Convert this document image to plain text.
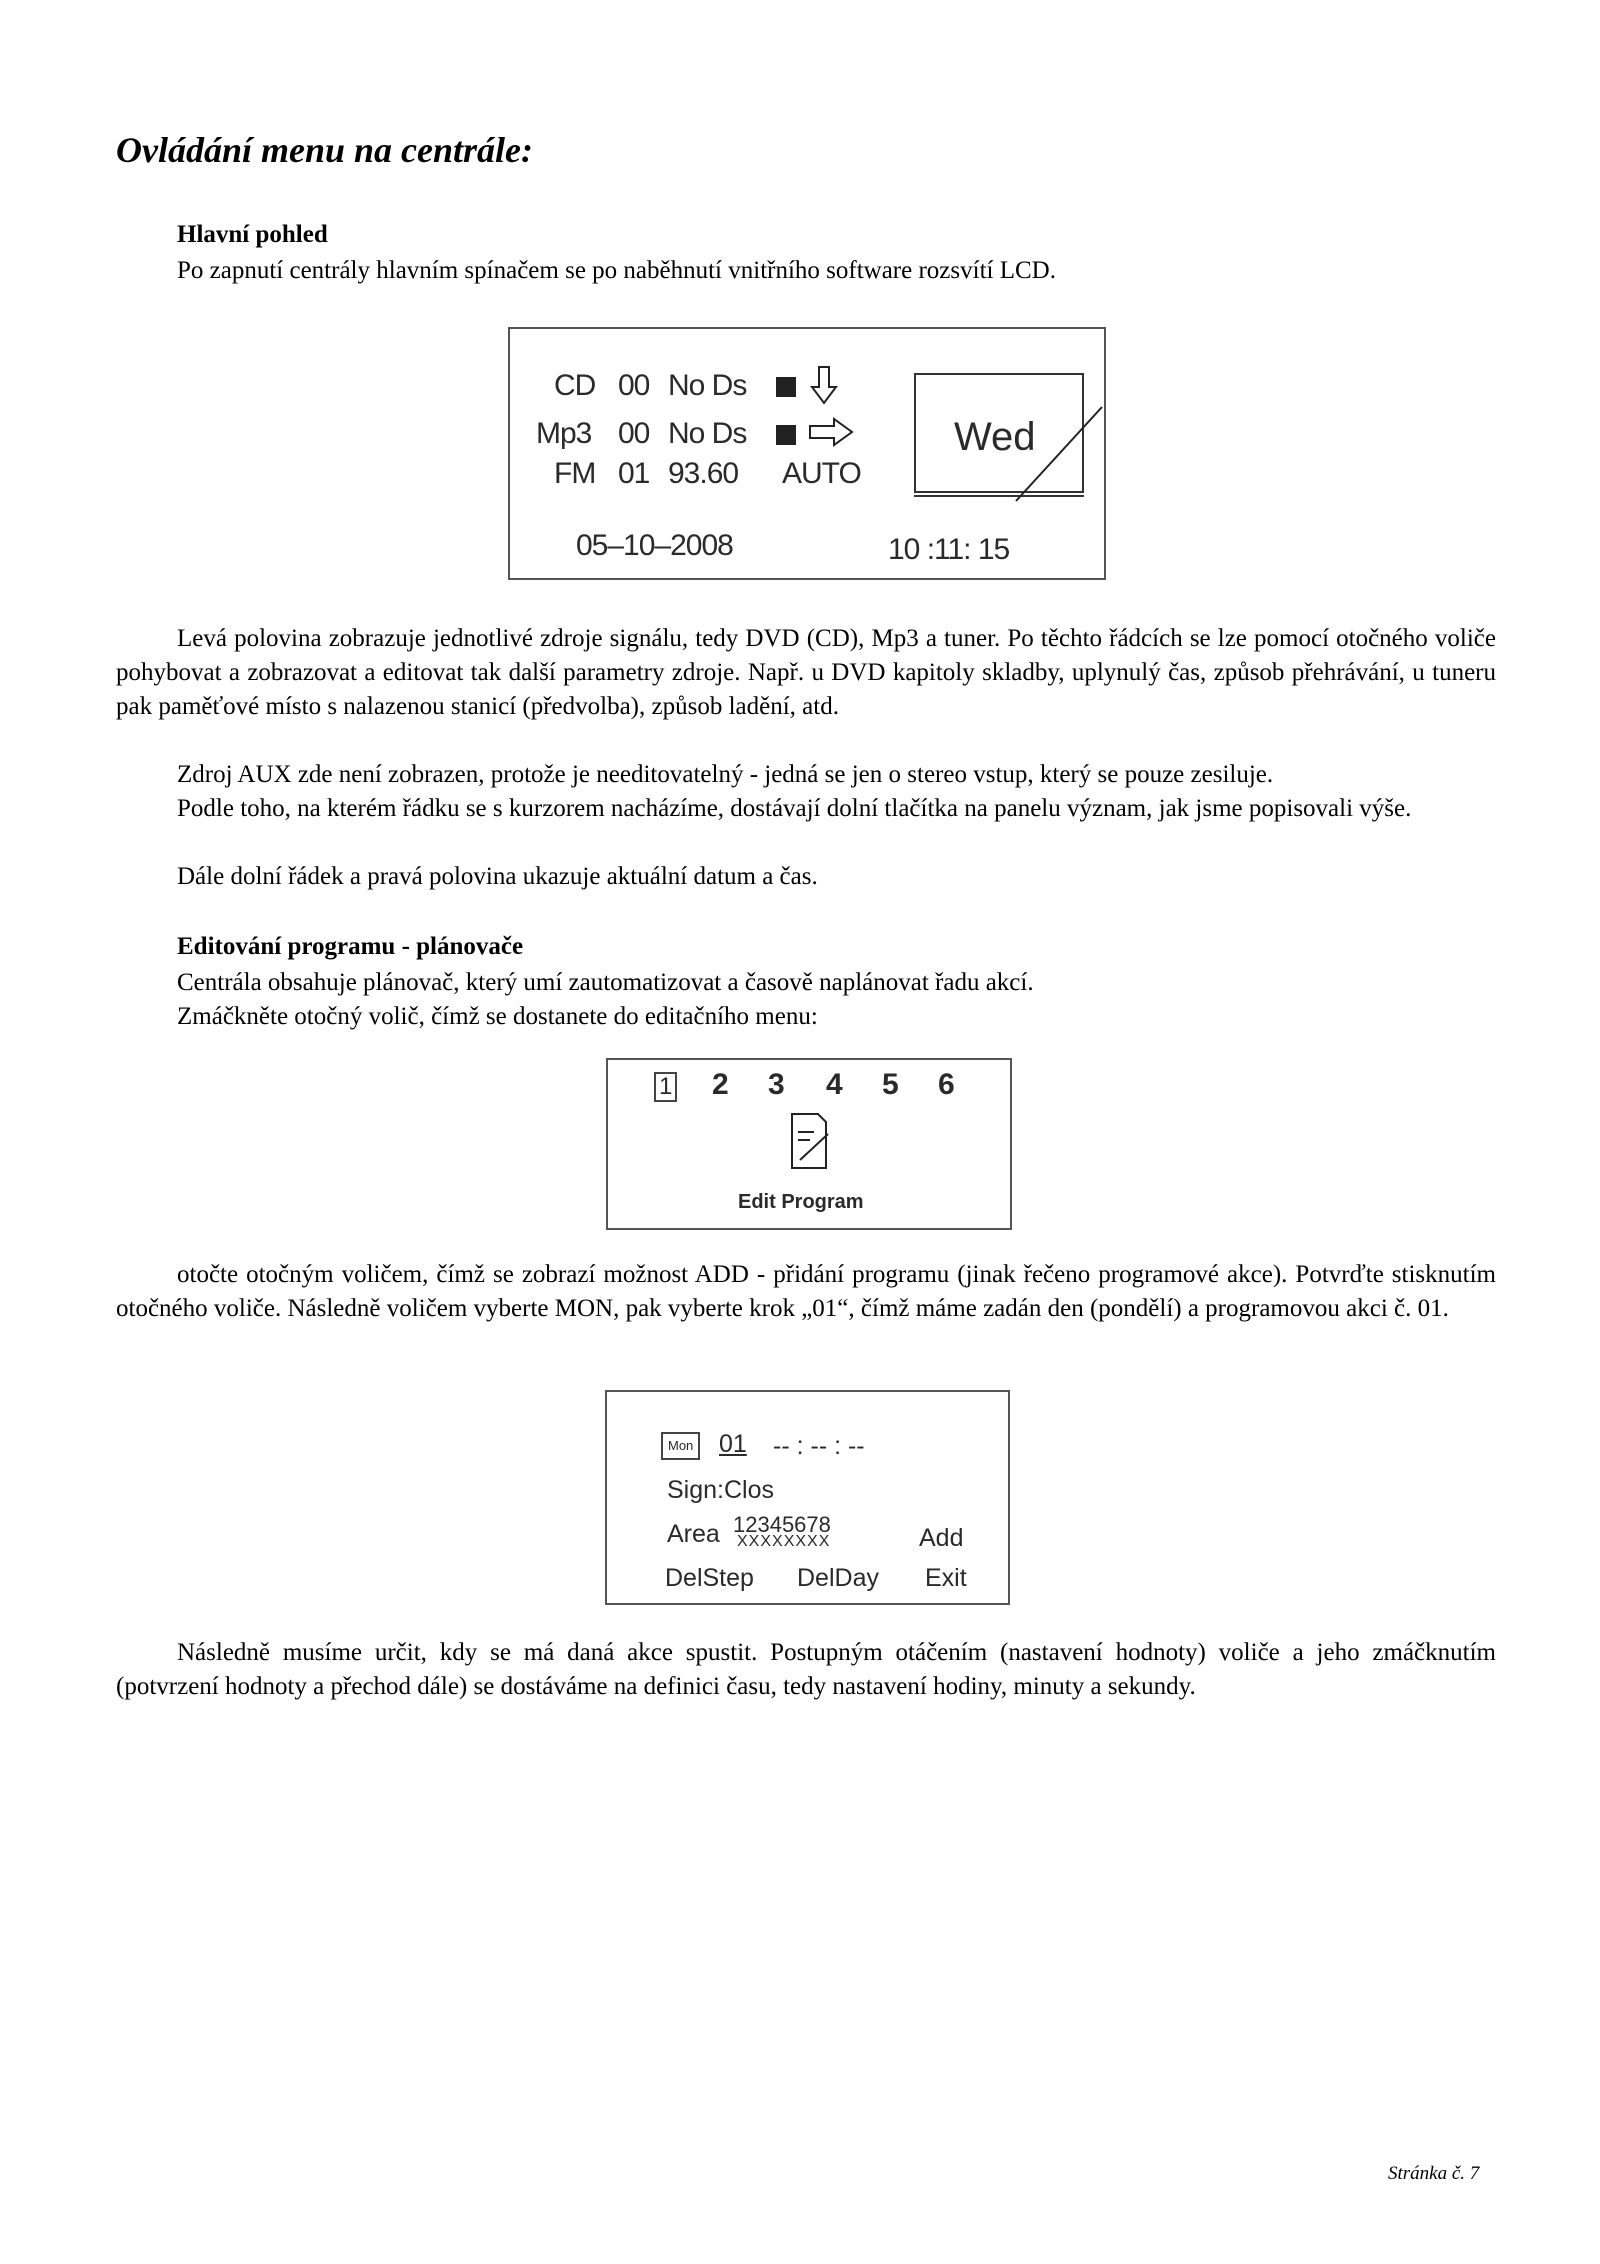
Ovládání menu na centrále:

Hlavní pohled

Po zapnutí centrály hlavním spínačem se po naběhnutí vnitřního software rozsvítí LCD.

CD 00 No Ds
Mp3 00 No Ds
FM 01 93.60 AUTO
Wed
05–10–2008	10 :11: 15

Levá polovina zobrazuje jednotlivé zdroje signálu, tedy DVD (CD), Mp3 a tuner. Po těchto řádcích se lze pomocí otočného voliče pohybovat a zobrazovat a editovat tak další parametry zdroje. Např. u DVD kapitoly skladby, uplynulý čas, způsob přehrávání, u tuneru pak paměťové místo s nalazenou stanicí (předvolba), způsob ladění, atd.

Zdroj AUX zde není zobrazen, protože je needitovatelný - jedná se jen o stereo vstup, který se pouze zesiluje.

Podle toho, na kterém řádku se s kurzorem nacházíme, dostávají dolní tlačítka na panelu význam, jak jsme popisovali výše.

Dále dolní řádek a pravá polovina ukazuje aktuální datum a čas.

Editování programu - plánovače

Centrála obsahuje plánovač, který umí zautomatizovat a časově naplánovat řadu akcí.

Zmáčkněte otočný volič, čímž se dostanete do editačního menu:

1 2 3 4 5 6
Edit Program

otočte otočným voličem, čímž se zobrazí možnost ADD - přidání programu (jinak řečeno programové akce). Potvrďte stisknutím otočného voliče. Následně voličem vyberte MON, pak vyberte krok „01“, čímž máme zadán den (pondělí) a programovou akci č. 01.

Mon 01 -- : -- : --
Sign:Clos
Area 12345678
XXXXXXXX	Add
DelStep DelDay Exit

Následně musíme určit, kdy se má daná akce spustit. Postupným otáčením (nastavení hodnoty) voliče a jeho zmáčknutím (potvrzení hodnoty a přechod dále) se dostáváme na definici času, tedy nastavení hodiny, minuty a sekundy.

Stránka č. 7
